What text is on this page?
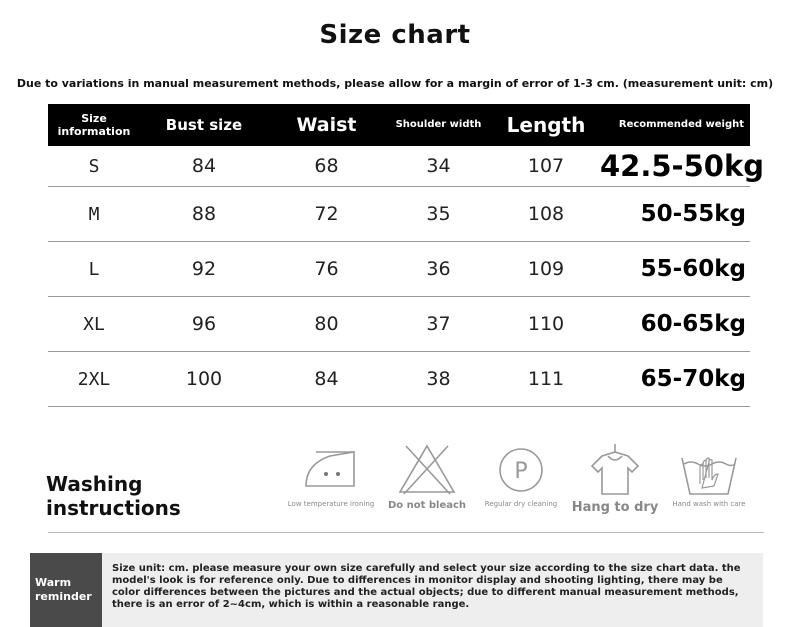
Size chart
Due to variations in manual measurement methods, please allow for a margin of error of 1-3 cm. (measurement unit: cm)
Size information	Bust size	Waist	Shoulder width	Length	Recommended weight
S	84	68	34	107	42.5-50kg
M	88	72	35	108	50-55kg
L	92	76	36	109	55-60kg
XL	96	80	37	110	60-65kg
2XL	100	84	38	111	65-70kg
Washing
instructions	Low temperature ironing	Do not bleach
P
Regular dry cleaning	Hang to dry	Hand wash with care
Warm
reminder
Size unit: cm. please measure your own size carefully and select your size according to the size chart data. the model's look is for reference only. Due to differences in monitor display and shooting lighting, there may be color differences between the pictures and the actual objects; due to different manual measurement methods, there is an error of 2~4cm, which is within a reasonable range.
